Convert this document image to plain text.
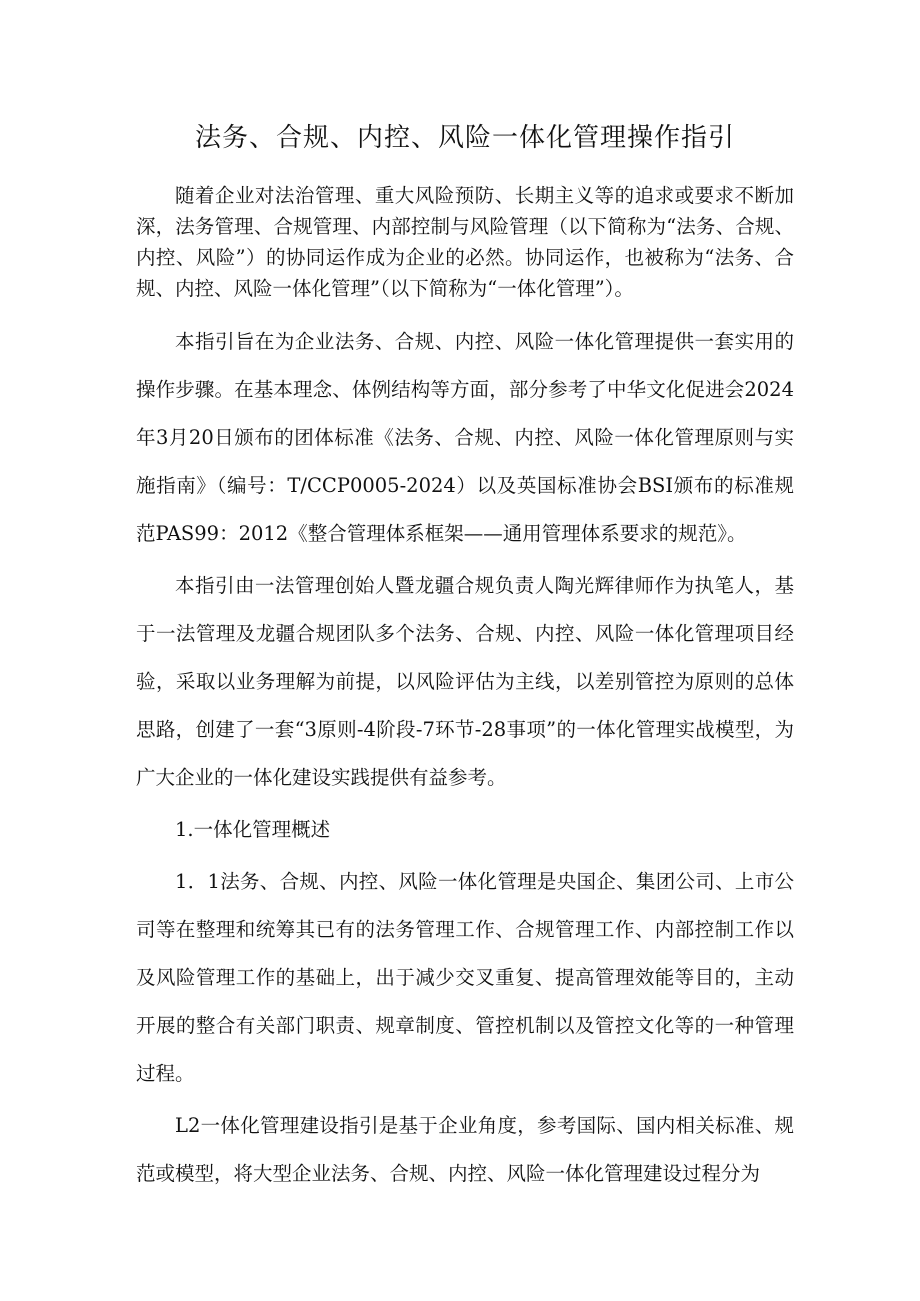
法务、合规、内控、风险一体化管理操作指引

随着企业对法治管理、重大风险预防、长期主义等的追求或要求不断加深，法务管理、合规管理、内部控制与风险管理（以下简称为“法务、合规、内控、风险”）的协同运作成为企业的必然。协同运作，也被称为“法务、合规、内控、风险一体化管理”（以下简称为“一体化管理”）。

本指引旨在为企业法务、合规、内控、风险一体化管理提供一套实用的操作步骤。在基本理念、体例结构等方面，部分参考了中华文化促进会2024年3月20日颁布的团体标准《法务、合规、内控、风险一体化管理原则与实施指南》（编号：T/CCP0005-2024）以及英国标准协会BSI颁布的标准规范PAS99：2012《整合管理体系框架——通用管理体系要求的规范》。

本指引由一法管理创始人暨龙疆合规负责人陶光辉律师作为执笔人，基于一法管理及龙疆合规团队多个法务、合规、内控、风险一体化管理项目经验，采取以业务理解为前提，以风险评估为主线，以差别管控为原则的总体思路，创建了一套“3原则-4阶段-7环节-28事项”的一体化管理实战模型，为广大企业的一体化建设实践提供有益参考。

1.一体化管理概述

1．1法务、合规、内控、风险一体化管理是央国企、集团公司、上市公司等在整理和统筹其已有的法务管理工作、合规管理工作、内部控制工作以及风险管理工作的基础上，出于减少交叉重复、提高管理效能等目的，主动开展的整合有关部门职责、规章制度、管控机制以及管控文化等的一种管理过程。

L2一体化管理建设指引是基于企业角度，参考国际、国内相关标准、规范或模型，将大型企业法务、合规、内控、风险一体化管理建设过程分为
